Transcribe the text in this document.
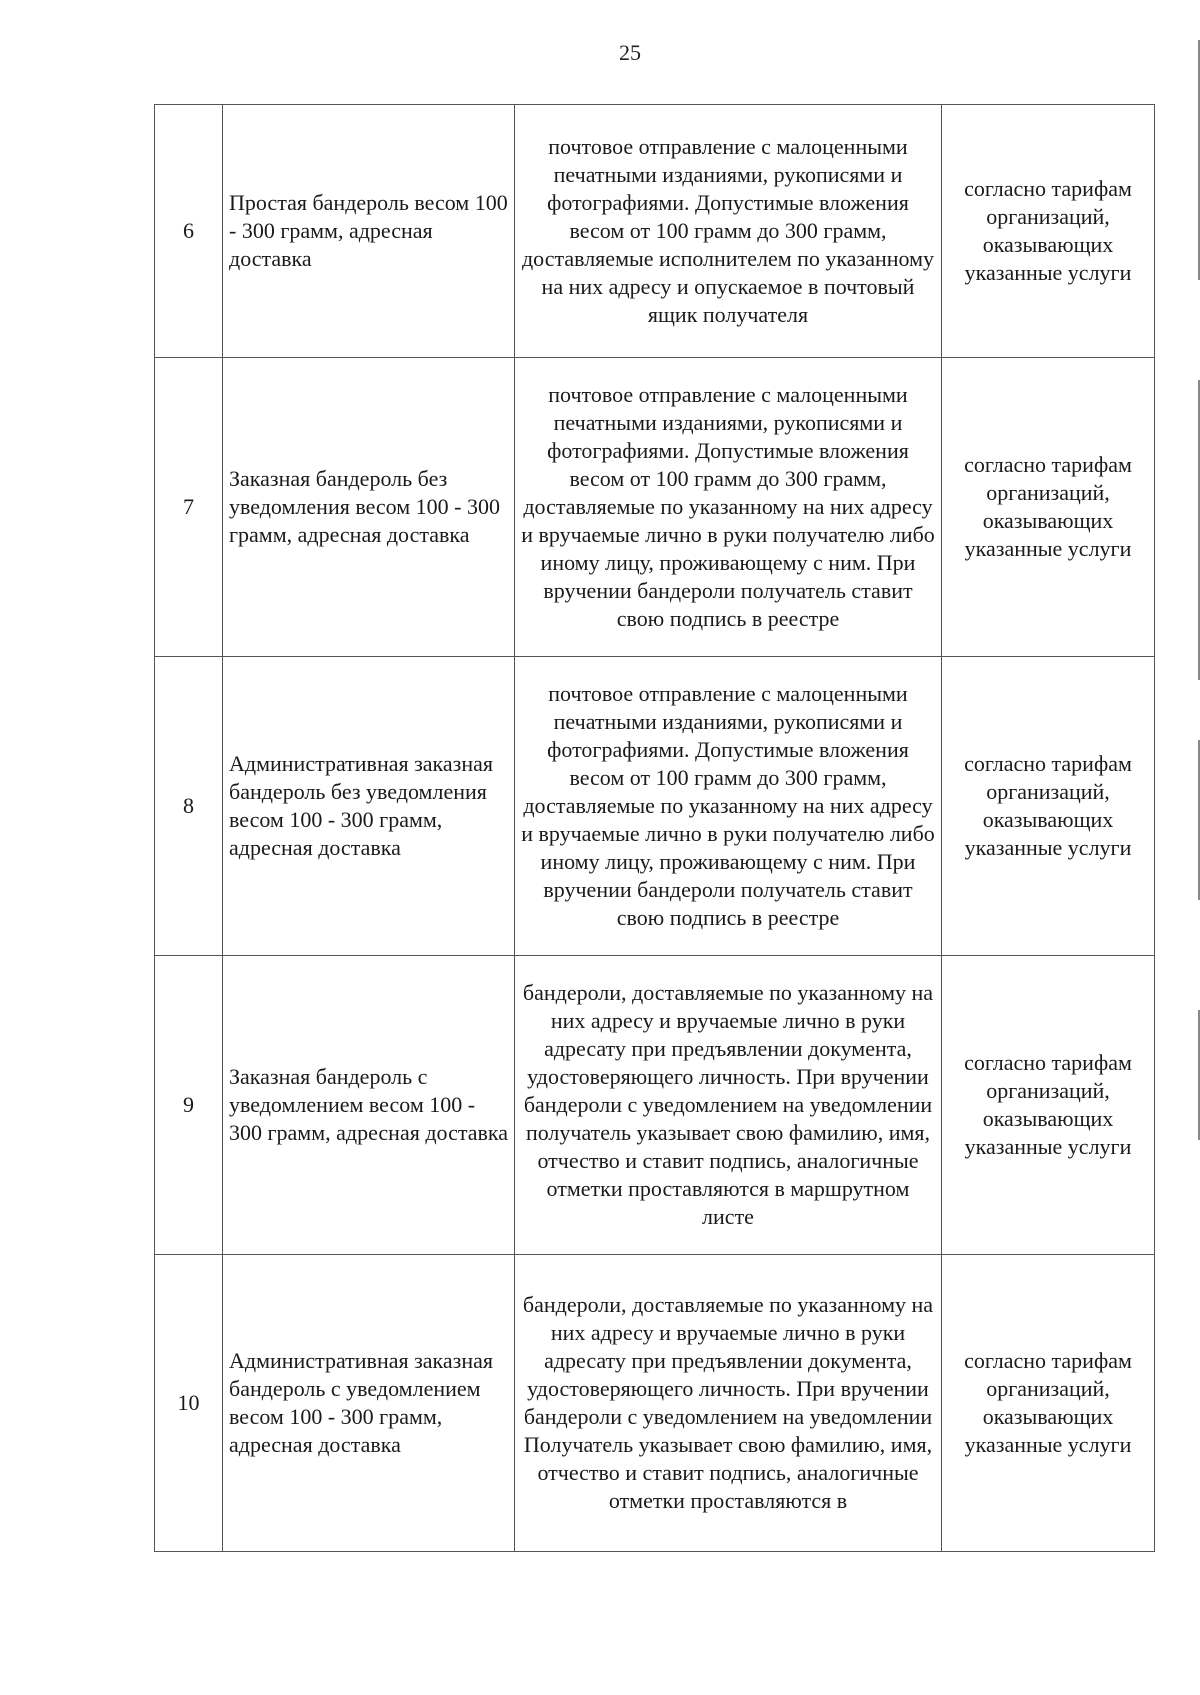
25
6	Простая бандероль весом 100 - 300 грамм, адресная доставка	почтовое отправление с малоценными печатными изданиями, рукописями и фотографиями. Допустимые вложения весом от 100 грамм до 300 грамм, доставляемые исполнителем по указанному на них адресу и опускаемое в почтовый ящик получателя	согласно тарифам организаций, оказывающих указанные услуги
7	Заказная бандероль без уведомления весом 100 - 300 грамм, адресная доставка	почтовое отправление с малоценными печатными изданиями, рукописями и фотографиями. Допустимые вложения весом от 100 грамм до 300 грамм, доставляемые по указанному на них адресу и вручаемые лично в руки получателю либо иному лицу, проживающему с ним. При вручении бандероли получатель ставит свою подпись в реестре	согласно тарифам организаций, оказывающих указанные услуги
8	Административная заказная бандероль без уведомления весом 100 - 300 грамм, адресная доставка	почтовое отправление с малоценными печатными изданиями, рукописями и фотографиями. Допустимые вложения весом от 100 грамм до 300 грамм, доставляемые по указанному на них адресу и вручаемые лично в руки получателю либо иному лицу, проживающему с ним. При вручении бандероли получатель ставит свою подпись в реестре	согласно тарифам организаций, оказывающих указанные услуги
9	Заказная бандероль с уведомлением весом 100 - 300 грамм, адресная доставка	бандероли, доставляемые по указанному на них адресу и вручаемые лично в руки адресату при предъявлении документа, удостоверяющего личность. При вручении бандероли с уведомлением на уведомлении получатель указывает свою фамилию, имя, отчество и ставит подпись, аналогичные отметки проставляются в маршрутном листе	согласно тарифам организаций, оказывающих указанные услуги
10	Административная заказная бандероль с уведомлением весом 100 - 300 грамм, адресная доставка	бандероли, доставляемые по указанному на них адресу и вручаемые лично в руки адресату при предъявлении документа, удостоверяющего личность. При вручении бандероли с уведомлением на уведомлении Получатель указывает свою фамилию, имя, отчество и ставит подпись, аналогичные отметки проставляются в	согласно тарифам организаций, оказывающих указанные услуги
